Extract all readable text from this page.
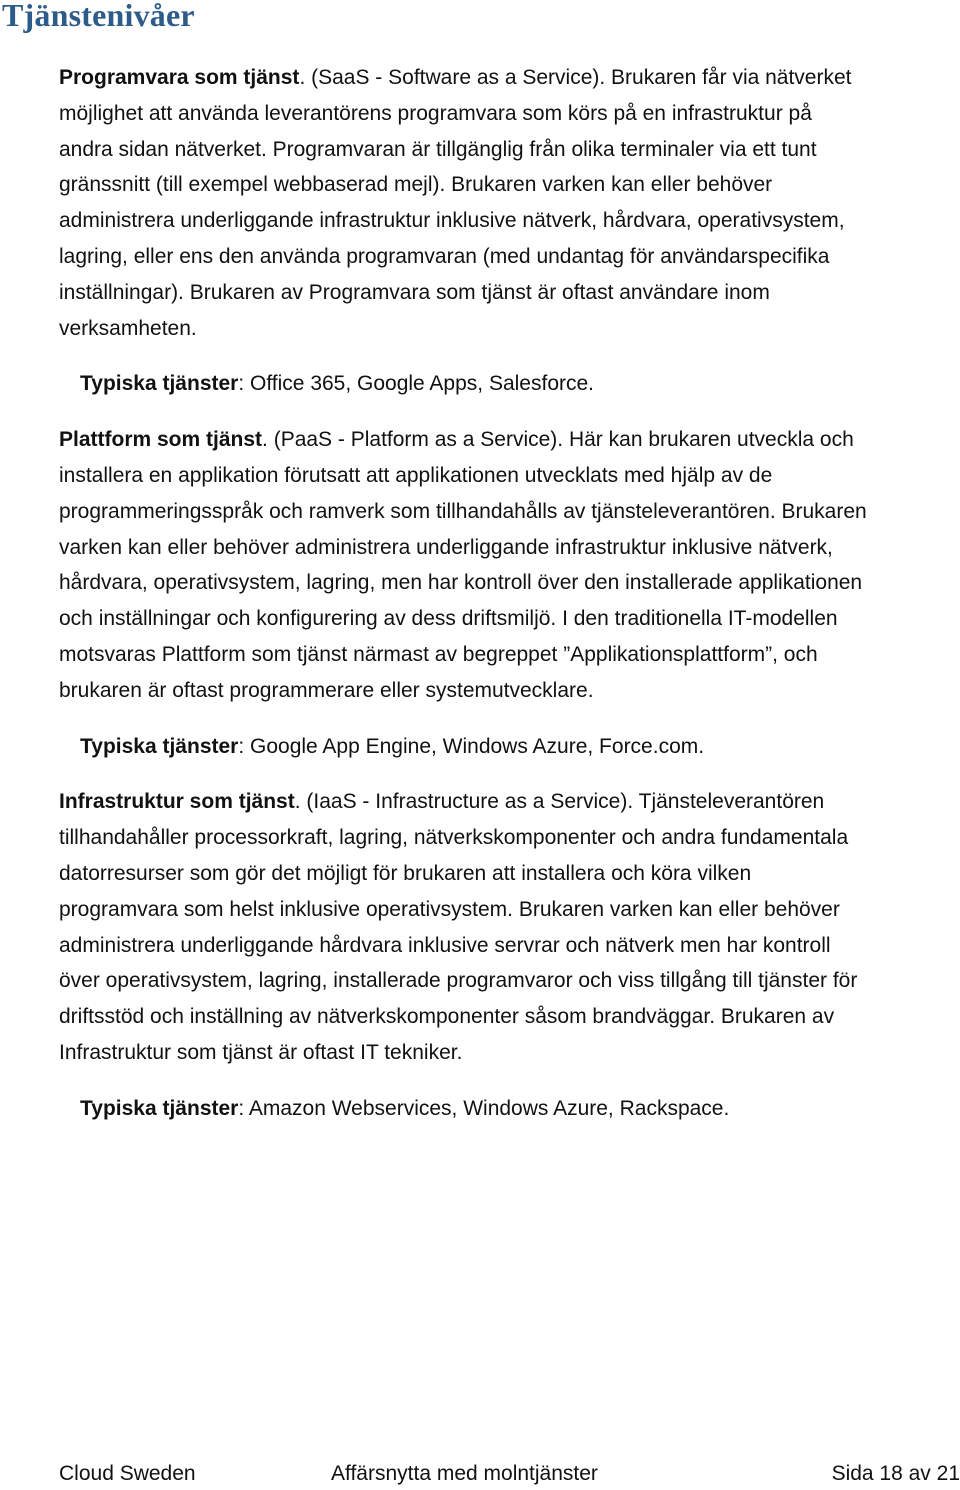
Tjänstenivåer

Programvara som tjänst. (SaaS - Software as a Service). Brukaren får via nätverket
möjlighet att använda leverantörens programvara som körs på en infrastruktur på
andra sidan nätverket. Programvaran är tillgänglig från olika terminaler via ett tunt
gränssnitt (till exempel webbaserad mejl). Brukaren varken kan eller behöver
administrera underliggande infrastruktur inklusive nätverk, hårdvara, operativsystem,
lagring, eller ens den använda programvaran (med undantag för användarspecifika
inställningar). Brukaren av Programvara som tjänst är oftast användare inom
verksamheten.

Typiska tjänster: Office 365, Google Apps, Salesforce.

Plattform som tjänst. (PaaS - Platform as a Service). Här kan brukaren utveckla och
installera en applikation förutsatt att applikationen utvecklats med hjälp av de
programmeringsspråk och ramverk som tillhandahålls av tjänsteleverantören. Brukaren
varken kan eller behöver administrera underliggande infrastruktur inklusive nätverk,
hårdvara, operativsystem, lagring, men har kontroll över den installerade applikationen
och inställningar och konfigurering av dess driftsmiljö. I den traditionella IT-modellen
motsvaras Plattform som tjänst närmast av begreppet ”Applikationsplattform”, och
brukaren är oftast programmerare eller systemutvecklare.

Typiska tjänster: Google App Engine, Windows Azure, Force.com.

Infrastruktur som tjänst. (IaaS - Infrastructure as a Service). Tjänsteleverantören
tillhandahåller processorkraft, lagring, nätverkskomponenter och andra fundamentala
datorresurser som gör det möjligt för brukaren att installera och köra vilken
programvara som helst inklusive operativsystem. Brukaren varken kan eller behöver
administrera underliggande hårdvara inklusive servrar och nätverk men har kontroll
över operativsystem, lagring, installerade programvaror och viss tillgång till tjänster för
driftsstöd och inställning av nätverkskomponenter såsom brandväggar. Brukaren av
Infrastruktur som tjänst är oftast IT tekniker.

Typiska tjänster: Amazon Webservices, Windows Azure, Rackspace.

Cloud Sweden	Affärsnytta med molntjänster	Sida 18 av 21
